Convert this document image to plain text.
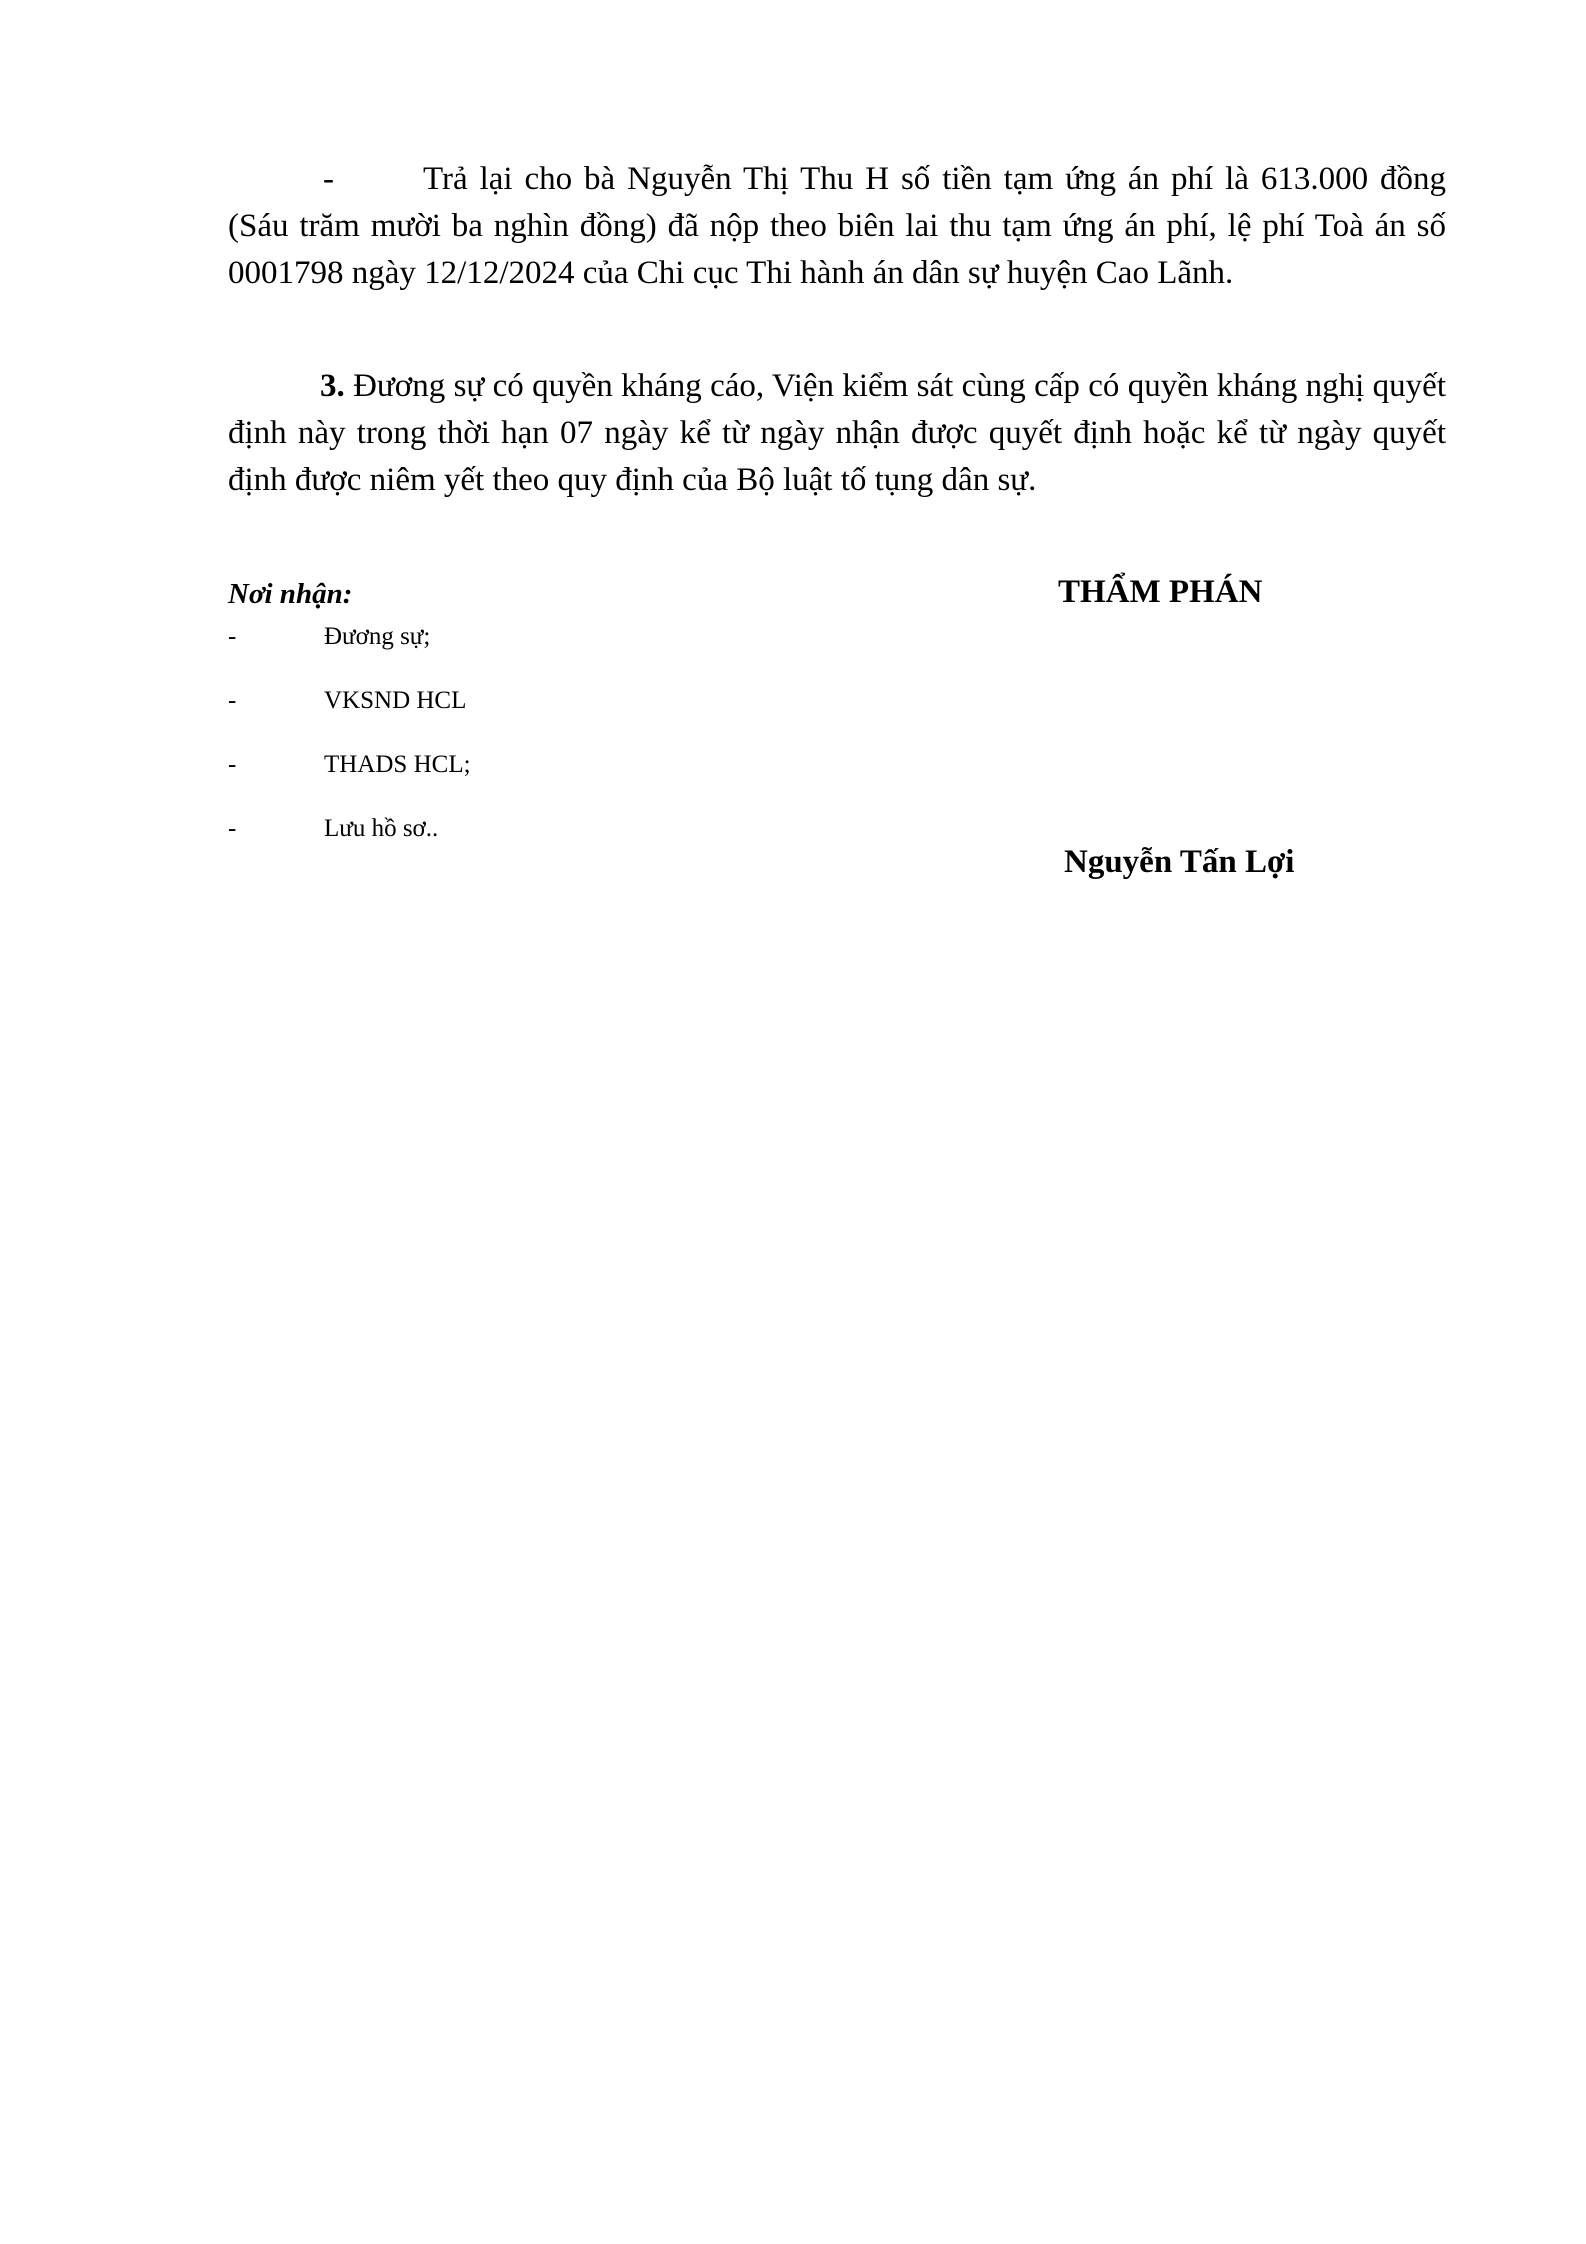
-	Trả lại cho bà Nguyễn Thị Thu H số tiền tạm ứng án phí là 613.000 đồng (Sáu trăm mười ba nghìn đồng) đã nộp theo biên lai thu tạm ứng án phí, lệ phí Toà án số 0001798 ngày 12/12/2024 của Chi cục Thi hành án dân sự huyện Cao Lãnh.

3. Đương sự có quyền kháng cáo, Viện kiểm sát cùng cấp có quyền kháng nghị quyết định này trong thời hạn 07 ngày kể từ ngày nhận được quyết định hoặc kể từ ngày quyết định được niêm yết theo quy định của Bộ luật tố tụng dân sự.

Nơi nhận:
-	Đương sự;
-	VKSND HCL
-	THADS HCL;
-	Lưu hồ sơ..
THẨM PHÁN
Nguyễn Tấn Lợi
